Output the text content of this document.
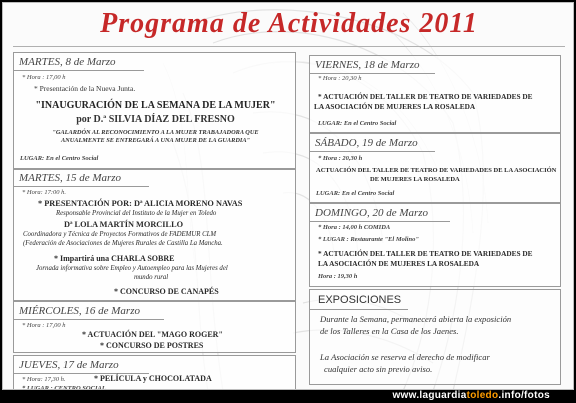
Programa de Actividades 2011
MARTES, 8 de Marzo
* Hora : 17,00 h
* Presentación de la Nueva Junta.
"INAUGURACIÓN DE LA SEMANA DE LA MUJER"
por D.ª SILVIA DÍAZ DEL FRESNO
"GALARDÓN AL RECONOCIMIENTO A LA MUJER TRABAJADORA QUE
ANUALMENTE SE ENTREGARÁ A UNA MUJER DE LA GUARDIA"
LUGAR: En el Centro Social
MARTES, 15 de Marzo
* Hora: 17:00 h.
* PRESENTACIÓN POR: Dª ALICIA MORENO NAVAS
Responsable Provincial del Instituto de la Mujer en Toledo
Dª LOLA MARTÍN MORCILLO
Coordinadora y Técnica de Proyectos Formativos de FADEMUR CLM
(Federación de Asociaciones de Mujeres Rurales de Castilla La Mancha.
* Impartirá una CHARLA SOBRE
Jornada informativa sobre Empleo y Autoempleo para las Mujeres del
mundo rural
* CONCURSO DE CANAPÉS
MIÉRCOLES, 16 de Marzo
* Hora : 17,00 h
* ACTUACIÓN DEL "MAGO ROGER"
* CONCURSO DE POSTRES
JUEVES, 17 de Marzo
* Hora: 17,30 h.	* PELÍCULA y CHOCOLATADA
* LUGAR : CENTRO SOCIAL
VIERNES, 18 de Marzo
* Hora : 20,30 h
* ACTUACIÓN DEL TALLER DE TEATRO DE VARIEDADES DE
LA ASOCIACIÓN DE MUJERES LA ROSALEDA
LUGAR: En el Centro Social
SÁBADO, 19 de Marzo
* Hora : 20,30 h
ACTUACIÓN DEL TALLER DE TEATRO DE VARIEDADES DE LA ASOCIACIÓN
DE MUJERES LA ROSALEDA
LUGAR: En el Centro Social
DOMINGO, 20 de Marzo
* Hora : 14,00 h COMIDA
* LUGAR : Restaurante "El Molino"
* ACTUACIÓN DEL TALLER DE TEATRO DE VARIEDADES DE
LA ASOCIACIÓN DE MUJERES LA ROSALEDA
Hora : 19,30 h
EXPOSICIONES
Durante la Semana, permanecerá abierta la exposición
de los Talleres en la Casa de los Jaenes.
La Asociación se reserva el derecho de modificar
cualquier acto sin previo aviso.
www.laguardiatoledo.info/fotos
